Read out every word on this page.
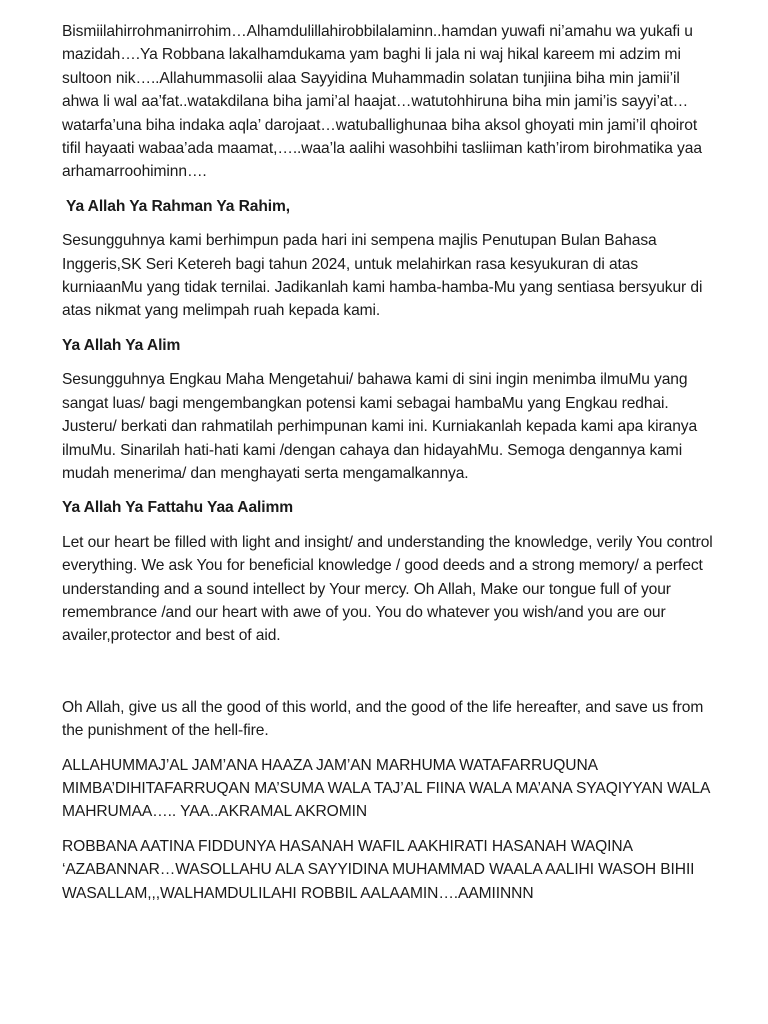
Bismiilahirrohmanirrohim…Alhamdulillahirobbilalaminn..hamdan yuwafi ni’amahu wa yukafi u mazidah….Ya Robbana lakalhamdukama yam baghi li jala ni waj hikal kareem mi adzim mi sultoon nik…..Allahummasolii alaa Sayyidina Muhammadin solatan tunjiina biha min jamii’il ahwa li wal aa’fat..watakdilana biha jami’al haajat…watutohhiruna biha min jami’is sayyi’at…watarfa’una biha indaka aqla’ darojaat…watuballighunaa biha aksol ghoyati min jami’il qhoirot tifil hayaati wabaa’ada maamat,…..waa’la aalihi wasohbihi tasliiman kath’irom birohmatika yaa arhamarroohiminn….

Ya Allah Ya Rahman Ya Rahim,

Sesungguhnya kami berhimpun pada hari ini sempena majlis Penutupan Bulan Bahasa Inggeris,SK Seri Ketereh bagi tahun 2024, untuk melahirkan rasa kesyukuran di atas kurniaanMu yang tidak ternilai. Jadikanlah kami hamba-hamba-Mu yang sentiasa bersyukur di atas nikmat yang melimpah ruah kepada kami.

Ya Allah Ya Alim

Sesungguhnya Engkau Maha Mengetahui/ bahawa kami di sini ingin menimba ilmuMu yang sangat luas/ bagi mengembangkan potensi kami sebagai hambaMu yang Engkau redhai. Justeru/ berkati dan rahmatilah perhimpunan kami ini. Kurniakanlah kepada kami apa kiranya ilmuMu. Sinarilah hati-hati kami /dengan cahaya dan hidayahMu. Semoga dengannya kami mudah menerima/ dan menghayati serta mengamalkannya.

Ya Allah Ya Fattahu Yaa Aalimm

Let our heart be filled with light and insight/ and understanding the knowledge, verily You control everything. We ask You for beneficial knowledge / good deeds and a strong memory/ a perfect understanding and a sound intellect by Your mercy. Oh Allah, Make our tongue full of your remembrance /and our heart with awe of you. You do whatever you wish/and you are our availer,protector and best of aid.

Oh Allah, give us all the good of this world, and the good of the life hereafter, and save us from the punishment of the hell-fire.

ALLAHUMMAJ’AL JAM’ANA HAAZA JAM’AN MARHUMA WATAFARRUQUNA MIMBA’DIHITAFARRUQAN MA’SUMA WALA TAJ’AL FIINA WALA MA’ANA SYAQIYYAN WALA MAHRUMAA….. YAA..AKRAMAL AKROMIN

ROBBANA AATINA FIDDUNYA HASANAH WAFIL AAKHIRATI HASANAH WAQINA ‘AZABANNAR…WASOLLAHU ALA SAYYIDINA MUHAMMAD WAALA AALIHI WASOH BIHII WASALLAM,,,WALHAMDULILAHI ROBBIL AALAAMIN….AAMIINNN
